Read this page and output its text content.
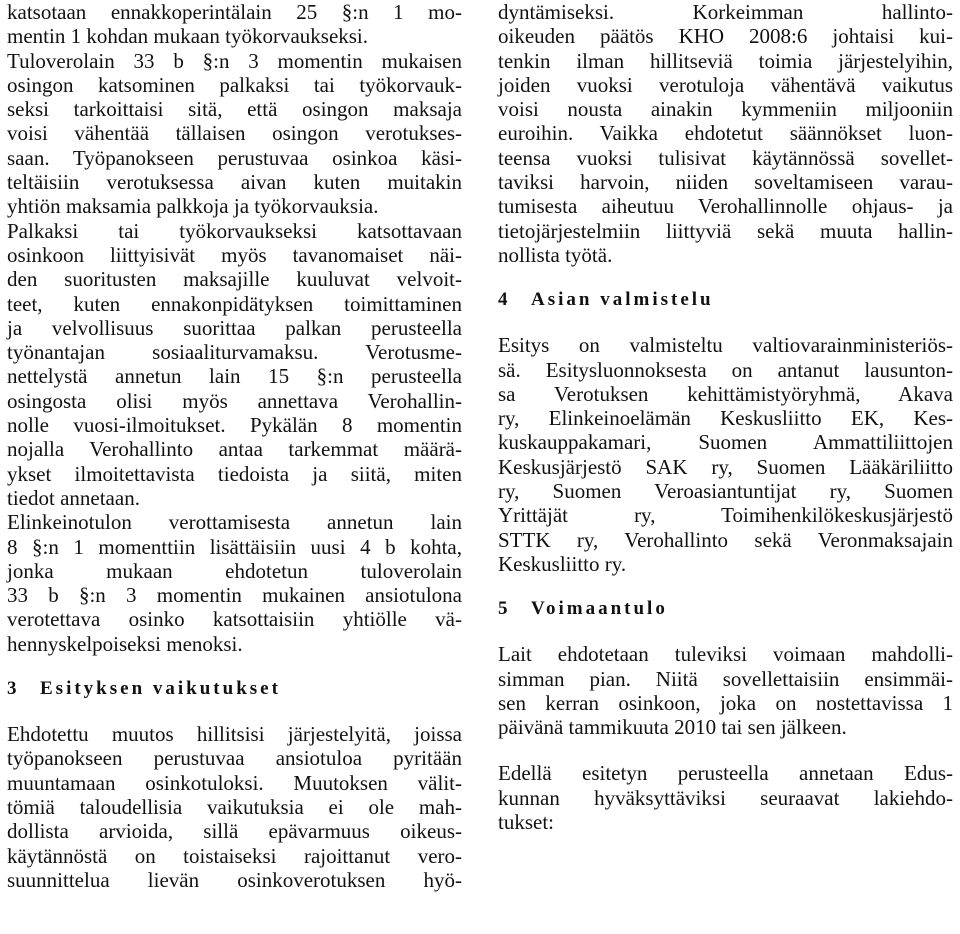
katsotaan ennakkoperintälain 25 §:n 1 mo-
mentin 1 kohdan mukaan työkorvaukseksi.
Tuloverolain 33 b §:n 3 momentin mukaisen
osingon katsominen palkaksi tai työkorvauk-
seksi tarkoittaisi sitä, että osingon maksaja
voisi vähentää tällaisen osingon verotukses-
saan. Työpanokseen perustuvaa osinkoa käsi-
teltäisiin verotuksessa aivan kuten muitakin
yhtiön maksamia palkkoja ja työkorvauksia.
Palkaksi tai työkorvaukseksi katsottavaan
osinkoon liittyisivät myös tavanomaiset näi-
den suoritusten maksajille kuuluvat velvoit-
teet, kuten ennakonpidätyksen toimittaminen
ja velvollisuus suorittaa palkan perusteella
työnantajan sosiaaliturvamaksu. Verotusme-
nettelystä annetun lain 15 §:n perusteella
osingosta olisi myös annettava Verohallin-
nolle vuosi-ilmoitukset. Pykälän 8 momentin
nojalla Verohallinto antaa tarkemmat määrä-
ykset ilmoitettavista tiedoista ja siitä, miten
tiedot annetaan.
Elinkeinotulon verottamisesta annetun lain
8 §:n 1 momenttiin lisättäisiin uusi 4 b kohta,
jonka mukaan ehdotetun tuloverolain
33 b §:n 3 momentin mukainen ansiotulona
verotettava osinko katsottaisiin yhtiölle vä-
hennyskelpoiseksi menoksi.
3 Esityksen vaikutukset
Ehdotettu muutos hillitsisi järjestelyitä, joissa
työpanokseen perustuvaa ansiotuloa pyritään
muuntamaan osinkotuloksi. Muutoksen välit-
tömiä taloudellisia vaikutuksia ei ole mah-
dollista arvioida, sillä epävarmuus oikeus-
käytännöstä on toistaiseksi rajoittanut vero-
suunnittelua lievän osinkoverotuksen hyö-
dyntämiseksi. Korkeimman hallinto-
oikeuden päätös KHO 2008:6 johtaisi kui-
tenkin ilman hillitseviä toimia järjestelyihin,
joiden vuoksi verotuloja vähentävä vaikutus
voisi nousta ainakin kymmeniin miljooniin
euroihin. Vaikka ehdotetut säännökset luon-
teensa vuoksi tulisivat käytännössä sovellet-
taviksi harvoin, niiden soveltamiseen varau-
tumisesta aiheutuu Verohallinnolle ohjaus- ja
tietojärjestelmiin liittyviä sekä muuta hallin-
nollista työtä.
4 Asian valmistelu
Esitys on valmisteltu valtiovarainministeriös-
sä. Esitysluonnoksesta on antanut lausunton-
sa Verotuksen kehittämistyöryhmä, Akava
ry, Elinkeinoelämän Keskusliitto EK, Kes-
kuskauppakamari, Suomen Ammattiliittojen
Keskusjärjestö SAK ry, Suomen Lääkäriliitto
ry, Suomen Veroasiantuntijat ry, Suomen
Yrittäjät ry, Toimihenkilökeskusjärjestö
STTK ry, Verohallinto sekä Veronmaksajain
Keskusliitto ry.
5 Voimaantulo
Lait ehdotetaan tuleviksi voimaan mahdolli-
simman pian. Niitä sovellettaisiin ensimmäi-
sen kerran osinkoon, joka on nostettavissa 1
päivänä tammikuuta 2010 tai sen jälkeen.
Edellä esitetyn perusteella annetaan Edus-
kunnan hyväksyttäviksi seuraavat lakiehdo-
tukset:
